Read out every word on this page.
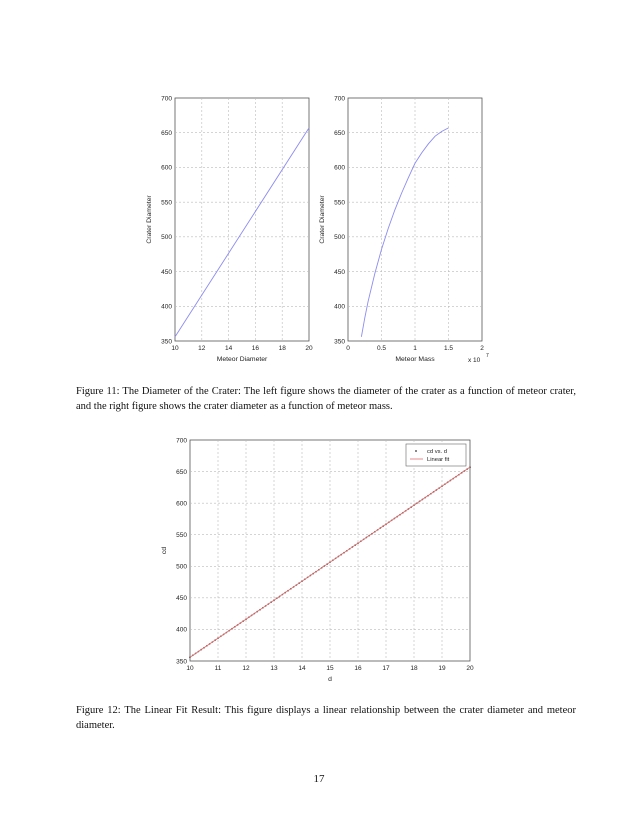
10	12	14	16	18	20
350
400
450
500
550
600
650
700
Meteor Diameter
Crater Diameter
0	0.5	1	1.5	2
350
400
450
500
550
600
650
700
Meteor Mass
Crater Diameter
x 10
7
Figure 11: The Diameter of the Crater: The left figure shows the diameter of the crater as a function of meteor crater, and the right figure shows the crater diameter as a function of meteor mass.
10	11	12	13	14	15	16	17	18	19	20
350
400
450
500
550
600
650
700
d
cd
cd vs. d
Linear fit
Figure 12: The Linear Fit Result: This figure displays a linear relationship between the crater diameter and meteor diameter.
17
